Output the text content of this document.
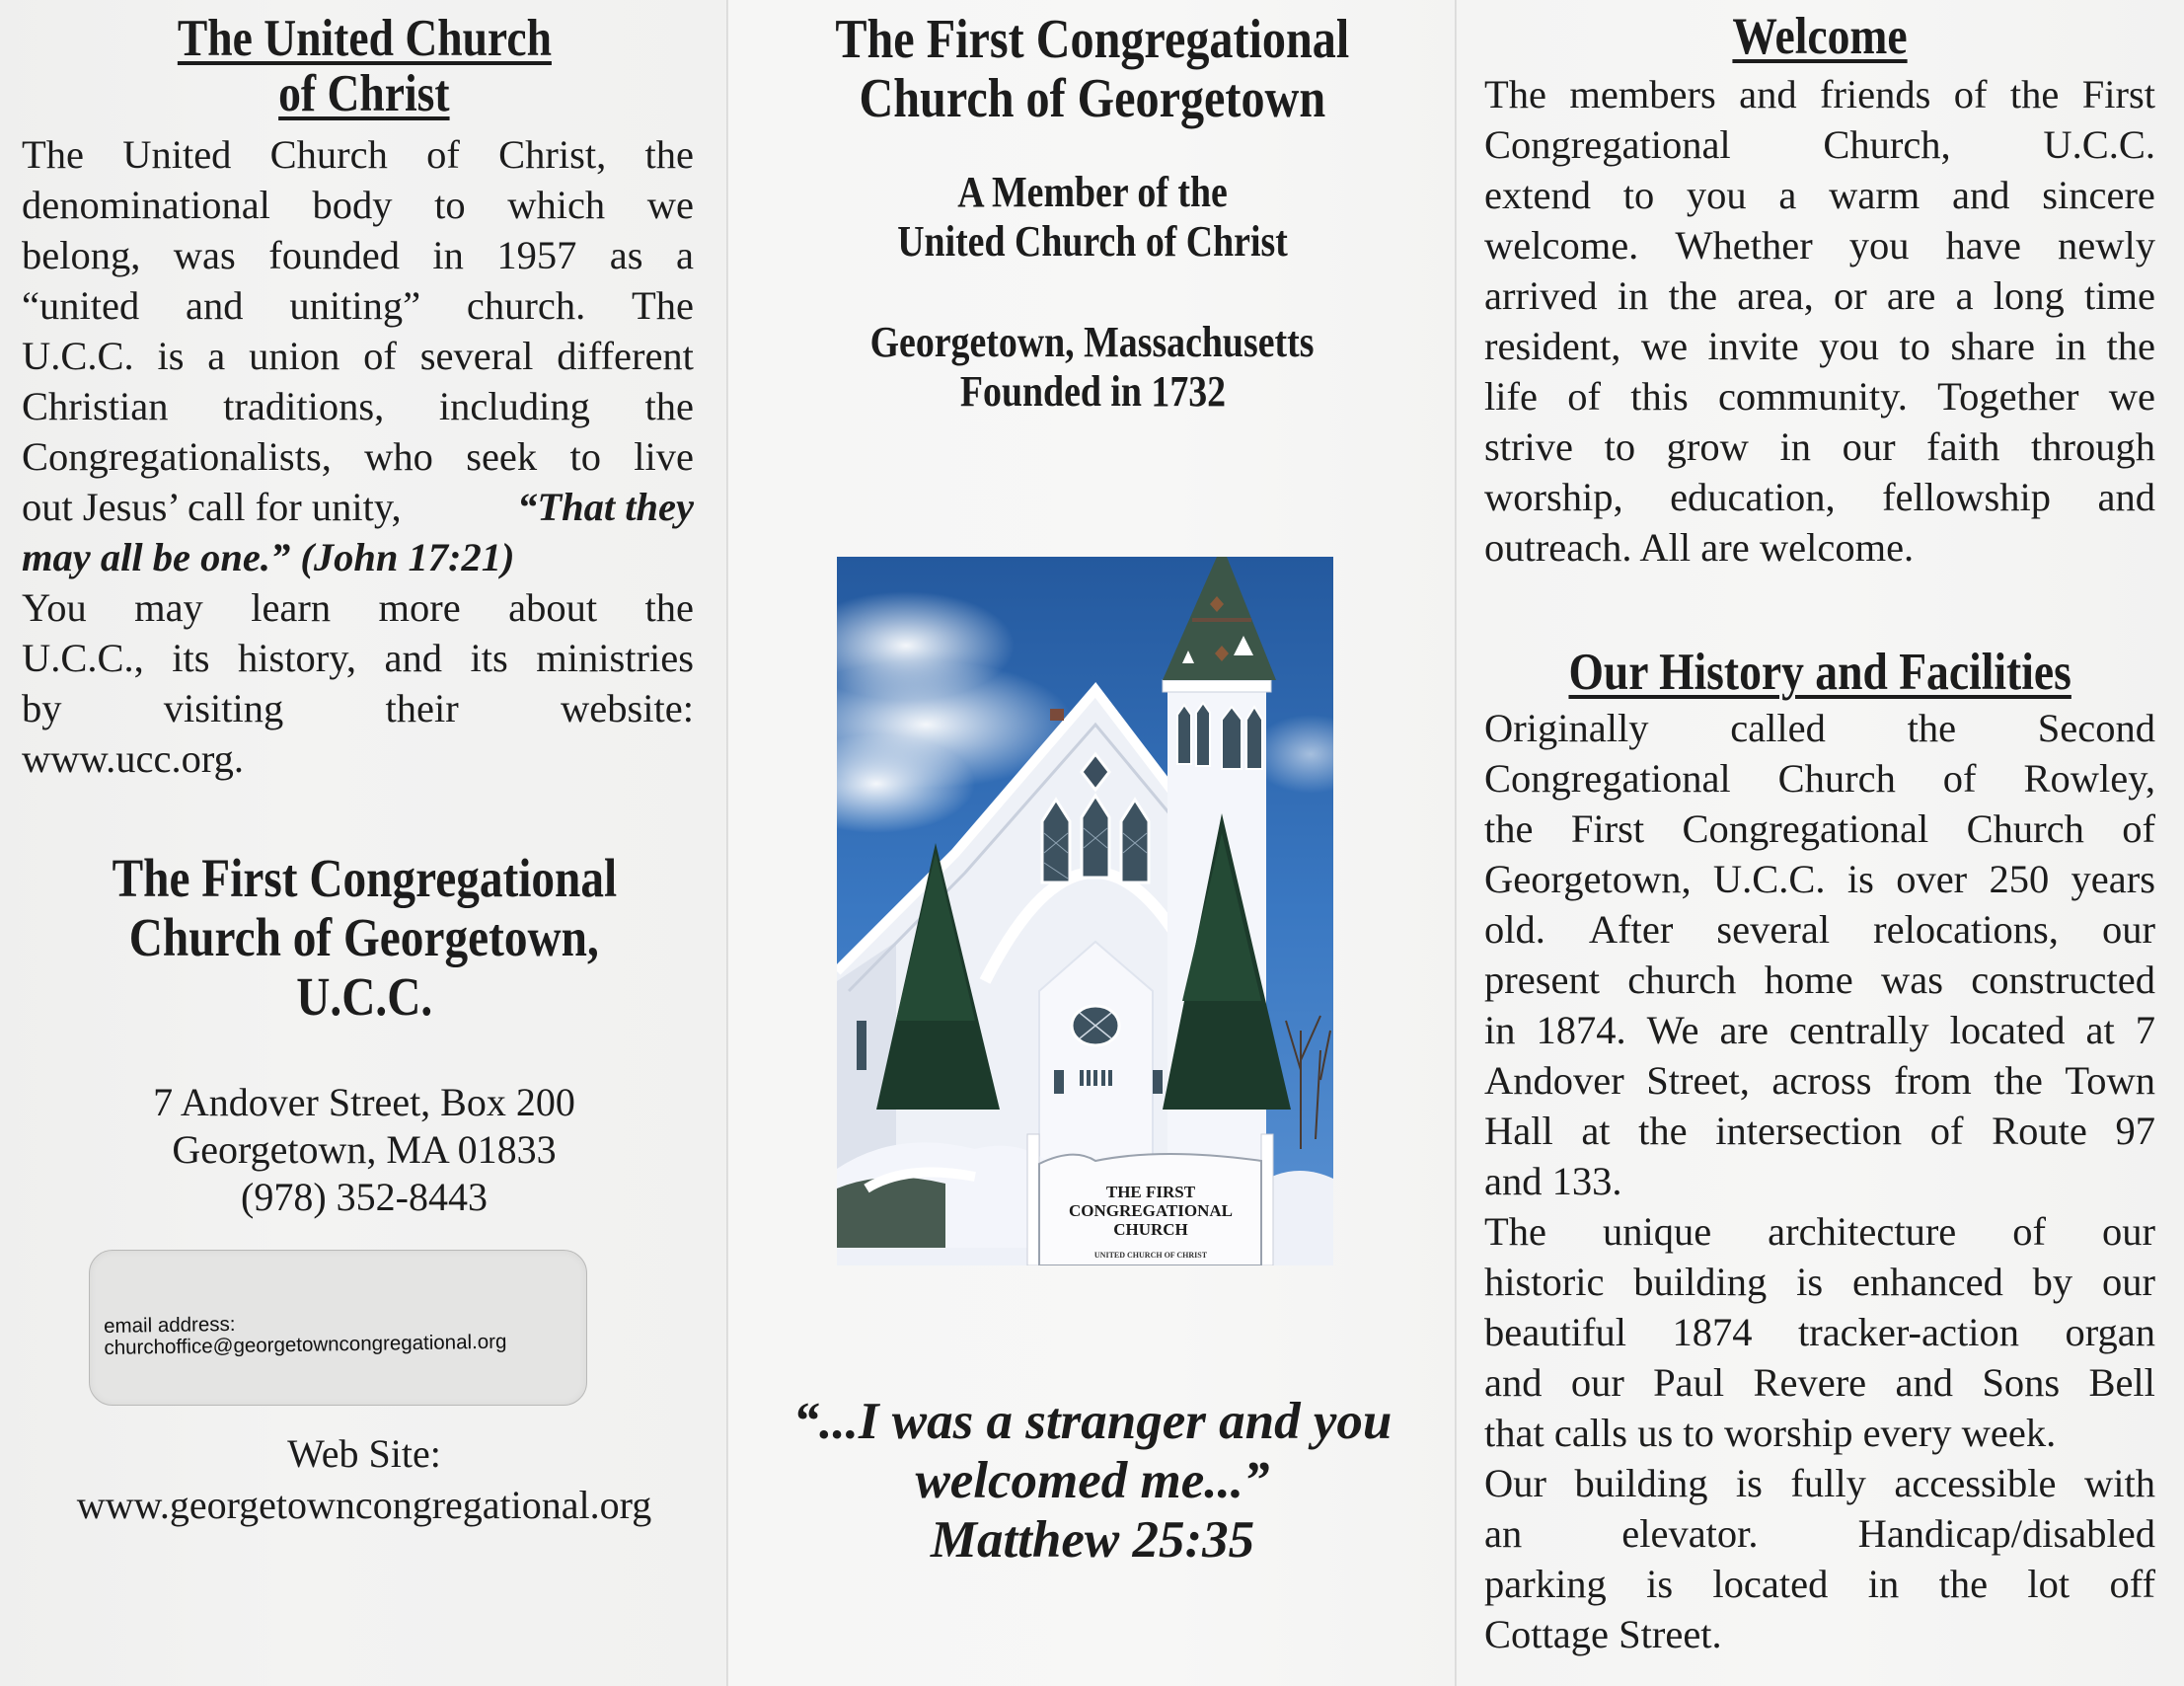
The United Church
of Christ
The United Church of Christ, the
denominational body to which we
belong, was founded in 1957 as a
“united and uniting” church. The
U.C.C. is a union of several different
Christian traditions, including the
Congregationalists, who seek to live
out Jesus’ call for unity,	“That they
may all be one.” (John 17:21)
You may learn more about the
U.C.C., its history, and its ministries
by	visiting	their	website:
www.ucc.org.
The First Congregational
Church of Georgetown,
U.C.C.
7 Andover Street, Box 200
Georgetown, MA 01833
(978) 352-8443
email address:
churchoffice@georgetowncongregational.org
Web Site:
www.georgetowncongregational.org
The First Congregational
Church of Georgetown
A Member of the
United Church of Christ
Georgetown, Massachusetts
Founded in 1732
THE FIRST
CONGREGATIONAL
CHURCH
UNITED CHURCH OF CHRIST
“...I was a stranger and you
welcomed me...”
Matthew 25:35
Welcome
The members and friends of the First
Congregational Church, U.C.C.
extend to you a warm and sincere
welcome. Whether you have newly
arrived in the area, or are a long time
resident, we invite you to share in the
life of this community. Together we
strive to grow in our faith through
worship, education, fellowship and
outreach. All are welcome.
Our History and Facilities
Originally called the Second
Congregational Church of Rowley,
the First Congregational Church of
Georgetown, U.C.C. is over 250 years
old. After several relocations, our
present church home was constructed
in 1874. We are centrally located at 7
Andover Street, across from the Town
Hall at the intersection of Route 97
and 133.
The unique architecture of our
historic building is enhanced by our
beautiful 1874 tracker-action organ
and our Paul Revere and Sons Bell
that calls us to worship every week.
Our building is fully accessible with
an elevator. Handicap/disabled
parking is located in the lot off
Cottage Street.
